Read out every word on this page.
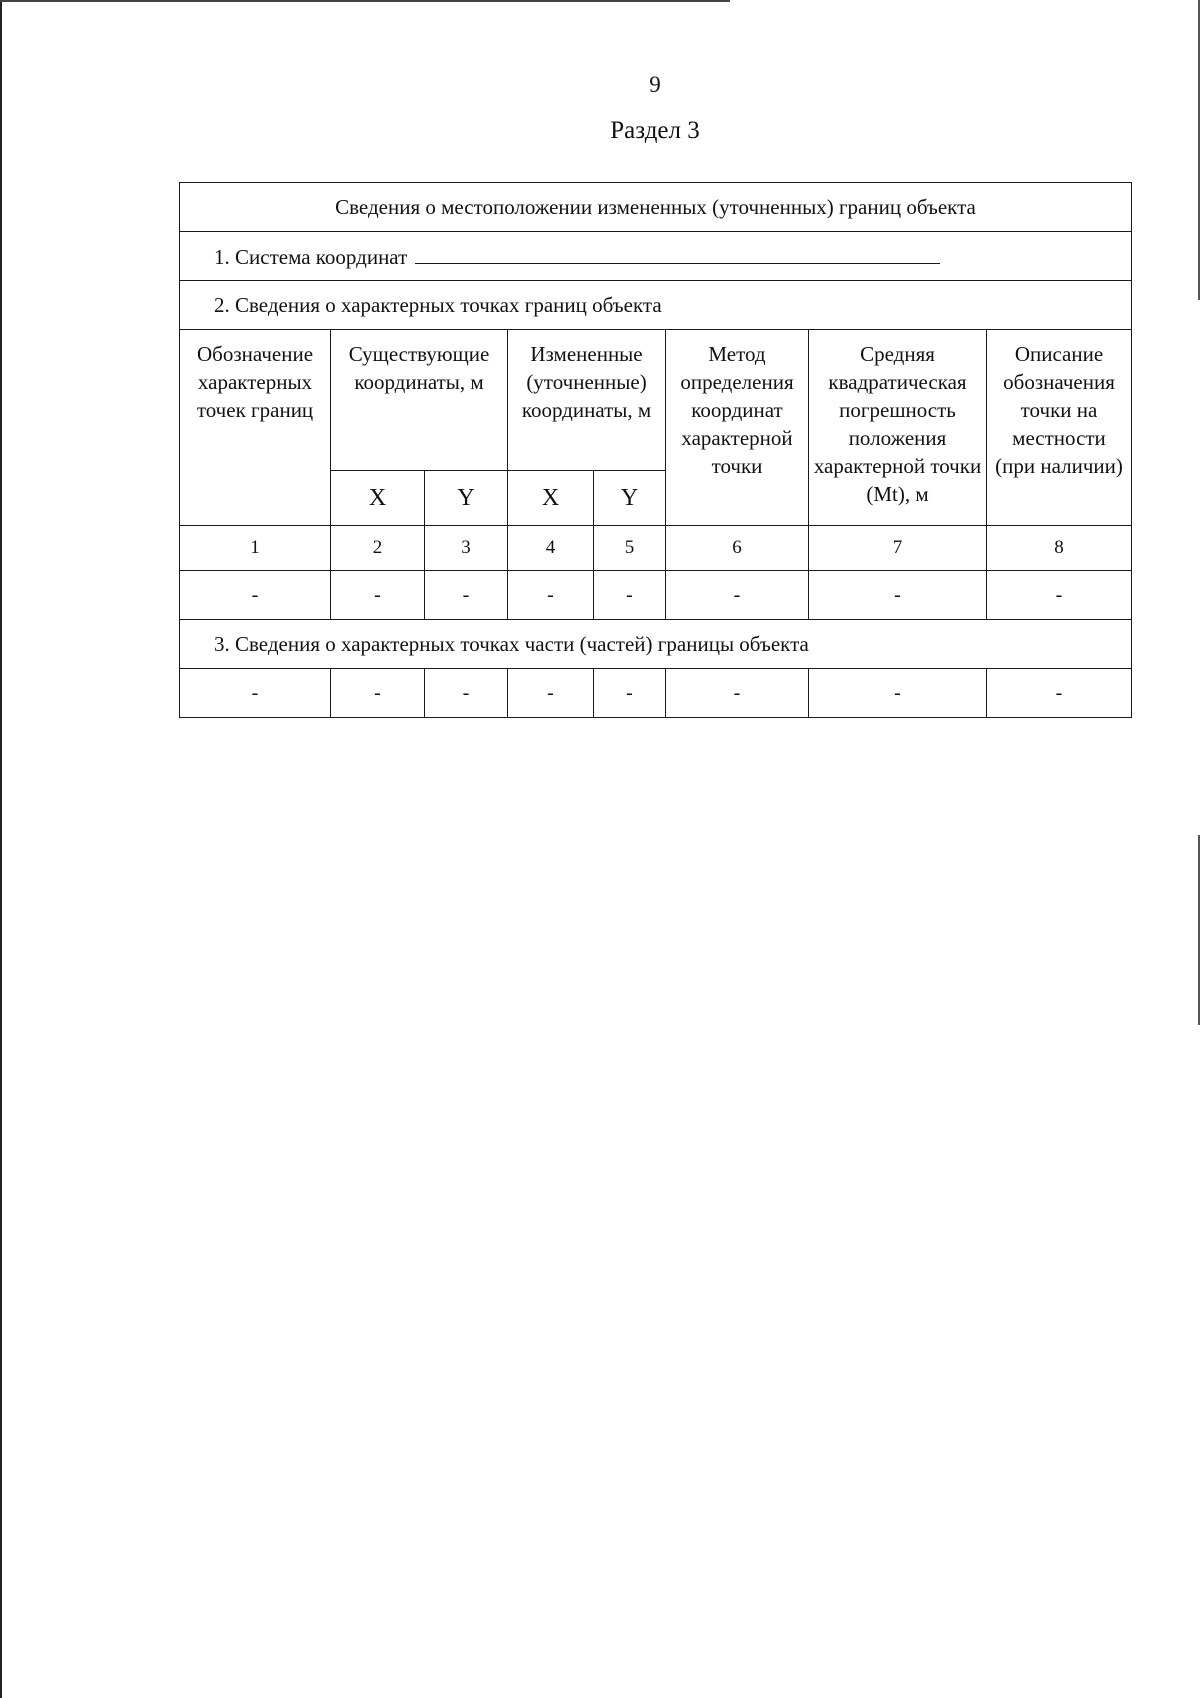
9
Раздел 3
Сведения о местоположении измененных (уточненных) границ объекта							
1. Система координат							
2. Сведения о характерных точках границ объекта							

Обозначение характерных точек границ	Существующие координаты, м		Измененные (уточненные) координаты, м		Метод определения координат характерной точки	Средняя квадратическая погрешность положения характерной точки (Mt), м	Описание обозначения точки на местности (при наличии)

	X	Y	X	Y			
1	2	3	4	5	6	7	8
-	-	-	-	-	-	-	-
3. Сведения о характерных точках части (частей) границы объекта							
-	-	-	-	-	-	-	-
